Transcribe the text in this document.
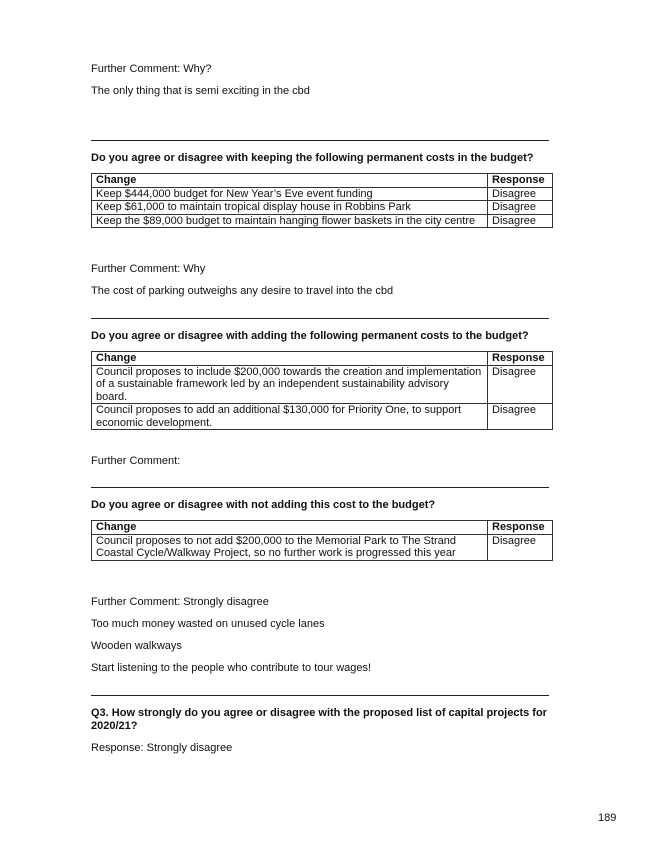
Further Comment: Why?

The only thing that is semi exciting in the cbd

Do you agree or disagree with keeping the following permanent costs in the budget?

Change	Response
Keep $444,000 budget for New Year’s Eve event funding	Disagree
Keep $61,000 to maintain tropical display house in Robbins Park	Disagree
Keep the $89,000 budget to maintain hanging flower baskets in the city centre	Disagree

Further Comment: Why

The cost of parking outweighs any desire to travel into the cbd

Do you agree or disagree with adding the following permanent costs to the budget?

Change	Response
Council proposes to include $200,000 towards the creation and implementation of a sustainable framework led by an independent sustainability advisory board.	Disagree
Council proposes to add an additional $130,000 for Priority One, to support economic development.	Disagree

Further Comment:

Do you agree or disagree with not adding this cost to the budget?

Change	Response
Council proposes to not add $200,000 to the Memorial Park to The Strand Coastal Cycle/Walkway Project, so no further work is progressed this year	Disagree

Further Comment: Strongly disagree

Too much money wasted on unused cycle lanes

Wooden walkways

Start listening to the people who contribute to tour wages!

Q3. How strongly do you agree or disagree with the proposed list of capital projects for 2020/21?

Response: Strongly disagree

189
